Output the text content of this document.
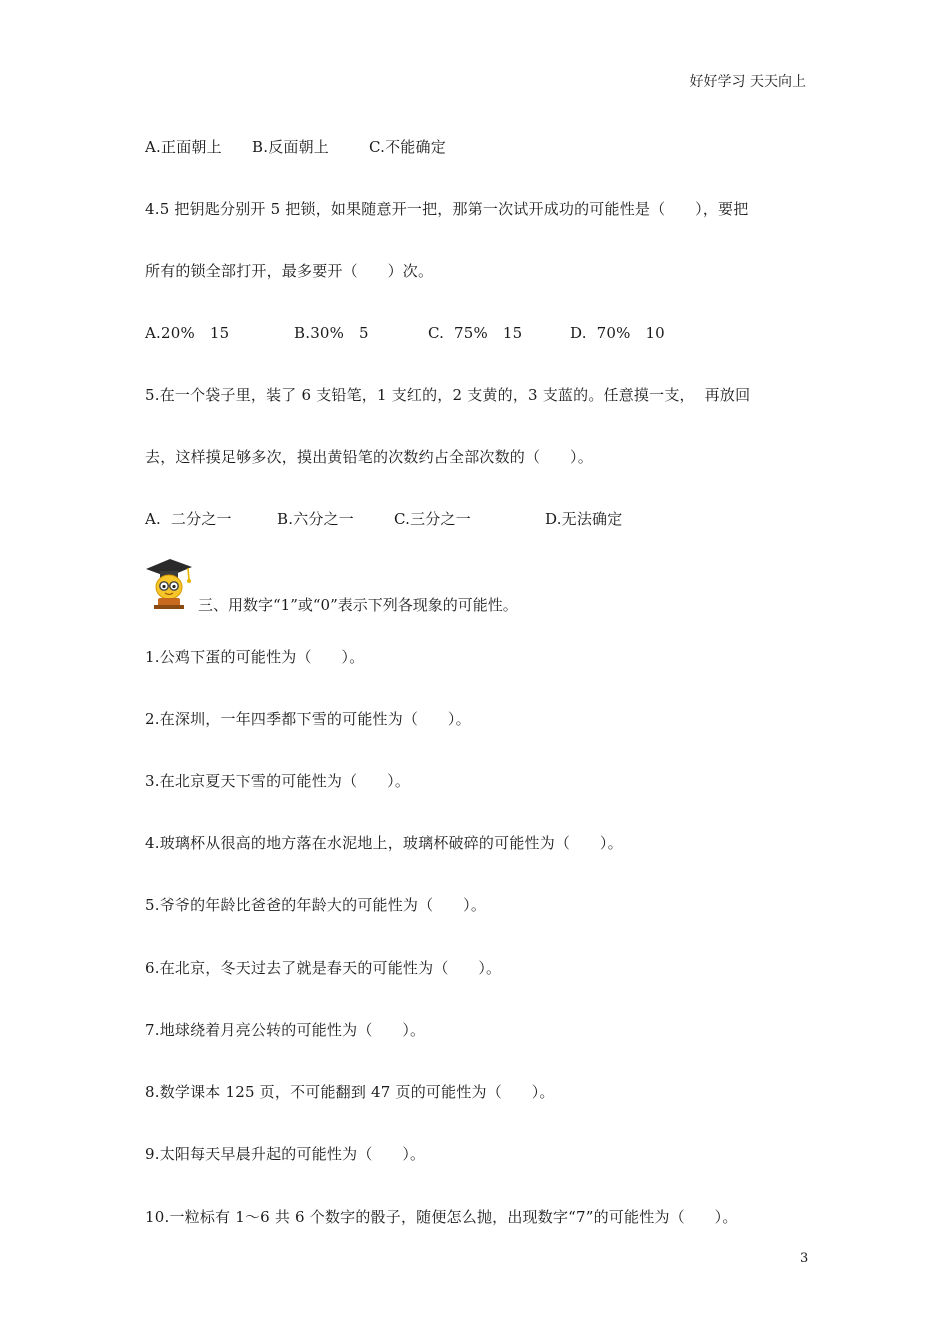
好好学习 天天向上

A.正面朝上

B.反面朝上

	C.不能确定

4.5 把钥匙分别开 5 把锁，如果随意开一把，那第一次试开成功的可能性是（      ），要把
所有的锁全部打开，最多要开（      ）次。

A.20%   15

	B.30%   5

	C.  75%   15

	D.  70%   10

5.在一个袋子里，装了 6 支铅笔，1 支红的，2 支黄的，3 支蓝的。任意摸一支，  再放回
去，这样摸足够多次，摸出黄铅笔的次数约占全部次数的（      ）。

A.  二分之一

	B.六分之一

	C.三分之一

	D.无法确定

三、用数字“1”或“0”表示下列各现象的可能性。
1.公鸡下蛋的可能性为（      ）。
2.在深圳，一年四季都下雪的可能性为（      ）。
3.在北京夏天下雪的可能性为（      ）。
4.玻璃杯从很高的地方落在水泥地上，玻璃杯破碎的可能性为（      ）。
5.爷爷的年龄比爸爸的年龄大的可能性为（      ）。
6.在北京，冬天过去了就是春天的可能性为（      ）。
7.地球绕着月亮公转的可能性为（      ）。
8.数学课本 125 页，不可能翻到 47 页的可能性为（      ）。
9.太阳每天早晨升起的可能性为（      ）。
10.一粒标有 1～6 共 6 个数字的骰子，随便怎么抛，出现数字“7”的可能性为（      ）。
3
